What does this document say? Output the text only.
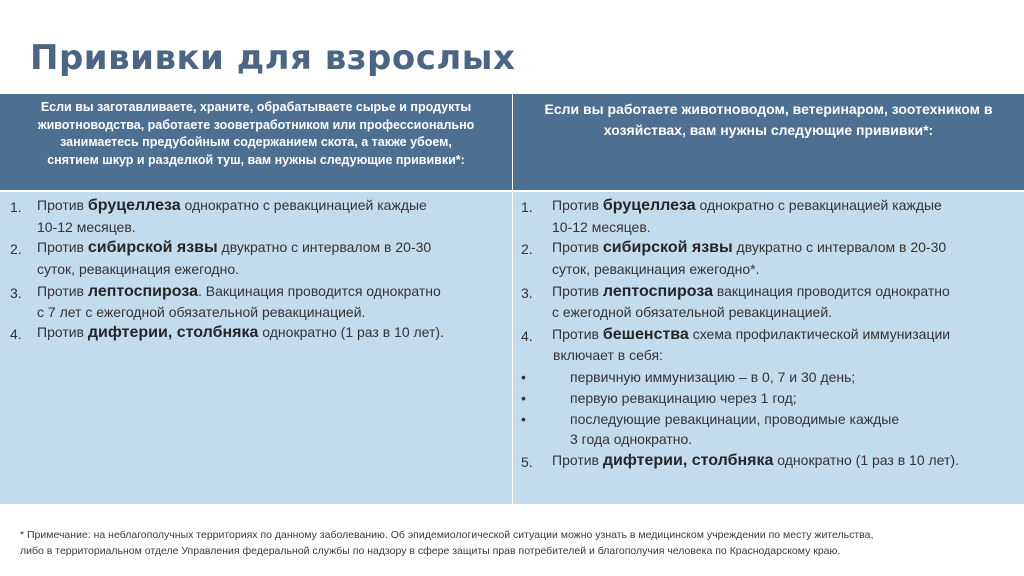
Прививки для взрослых
Если вы заготавливаете, храните, обрабатываете сырье и продукты
животноводства, работаете зооветработником или профессионально
занимаетесь предубойным содержанием скота, а также убоем,
снятием шкур и разделкой туш, вам нужны следующие прививки*:
Если вы работаете животноводом, ветеринаром, зоотехником в
хозяйствах, вам нужны следующие прививки*:
1. Против бруцеллеза однократно с ревакцинацией каждые
10-12 месяцев.
2. Против сибирской язвы двукратно с интервалом в 20-30
суток, ревакцинация ежегодно.
3. Против лептоспироза. Вакцинация проводится однократно
с 7 лет с ежегодной обязательной ревакцинацией.
4. Против дифтерии, столбняка однократно (1 раз в 10 лет).
1. Против бруцеллеза однократно с ревакцинацией каждые
10-12 месяцев.
2. Против сибирской язвы двукратно с интервалом в 20-30
суток, ревакцинация ежегодно*.
3. Против лептоспироза вакцинация проводится однократно
с ежегодной обязательной ревакцинацией.
4. Против бешенства схема профилактической иммунизации
включает в себя:
•	первичную иммунизацию – в 0, 7 и 30 день;
•	первую ревакцинацию через 1 год;
•	последующие ревакцинации, проводимые каждые
3 года однократно.
5. Против дифтерии, столбняка однократно (1 раз в 10 лет).
* Примечание: на неблагополучных территориях по данному заболеванию. Об эпидемиологической ситуации можно узнать в медицинском учреждении по месту жительства,
либо в территориальном отделе Управления федеральной службы по надзору в сфере защиты прав потребителей и благополучия человека по Краснодарскому краю.
